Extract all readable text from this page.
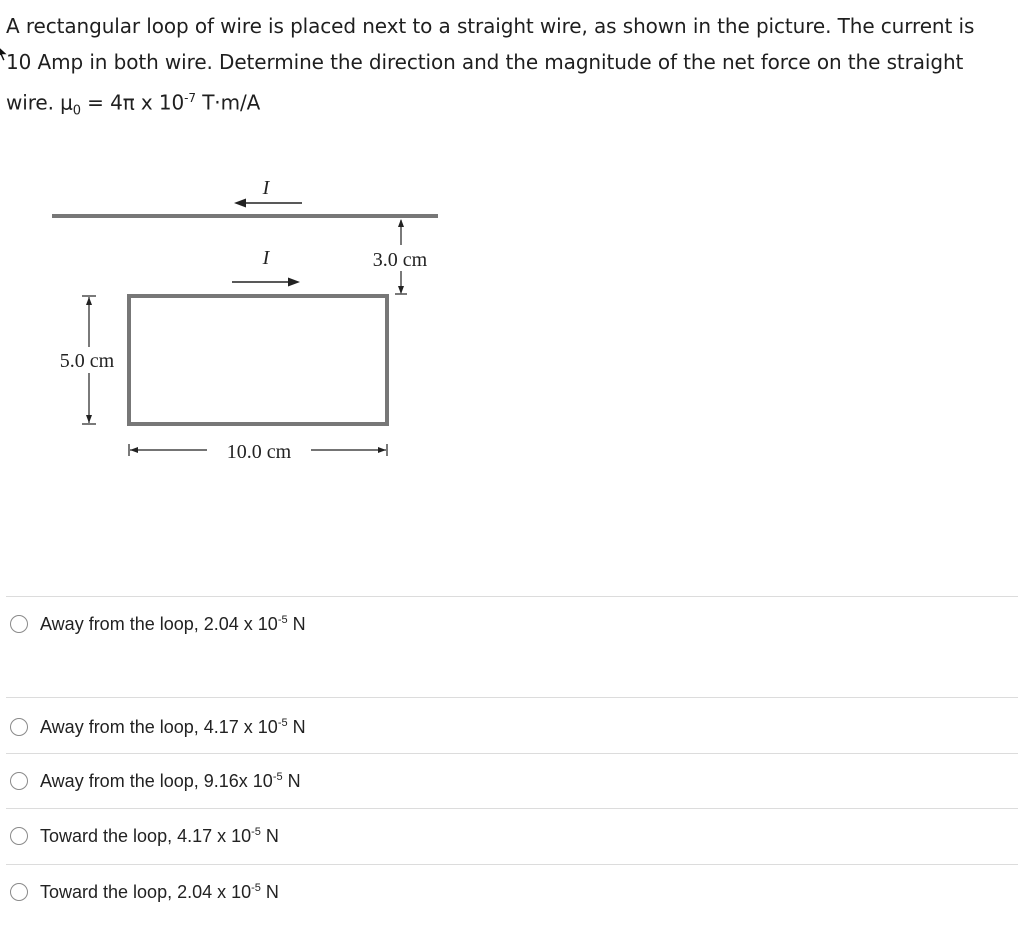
A rectangular loop of wire is placed next to a straight wire, as shown in the picture. The current is
10 Amp in both wire. Determine the direction and the magnitude of the net force on the straight
wire. $\mu_0 = 4\pi$ x $10^{-7}$ T·m/A
I
I	3.0 cm
5.0 cm
10.0 cm
Away from the loop, 2.04 x $10^{-5}$ N
Away from the loop, 4.17 x $10^{-5}$ N
Away from the loop, 9.16x $10^{-5}$ N
Toward the loop, 4.17 x $10^{-5}$ N
Toward the loop, 2.04 x $10^{-5}$ N
